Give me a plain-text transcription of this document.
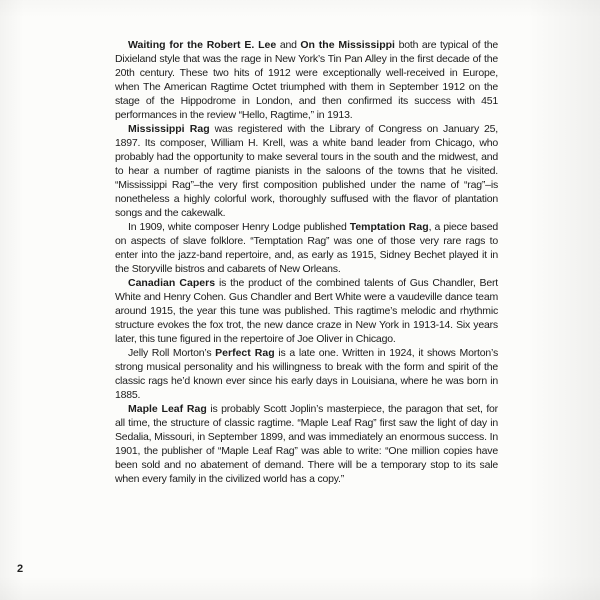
Waiting for the Robert E. Lee and On the Mississippi both are typical of the Dixieland style that was the rage in New York’s Tin Pan Alley in the first decade of the 20th century. These two hits of 1912 were exceptionally well-received in Europe, when The American Ragtime Octet triumphed with them in September 1912 on the stage of the Hippodrome in London, and then confirmed its success with 451 performances in the review “Hello, Ragtime,” in 1913.

Mississippi Rag was registered with the Library of Congress on January 25, 1897. Its composer, William H. Krell, was a white band leader from Chicago, who probably had the opportunity to make several tours in the south and the midwest, and to hear a number of ragtime pianists in the saloons of the towns that he visited. “Mississippi Rag”–the very first composition published under the name of “rag”–is nonetheless a highly colorful work, thoroughly suffused with the flavor of plantation songs and the cakewalk.

In 1909, white composer Henry Lodge published Temptation Rag, a piece based on aspects of slave folklore. “Temptation Rag” was one of those very rare rags to enter into the jazz-band repertoire, and, as early as 1915, Sidney Bechet played it in the Storyville bistros and cabarets of New Orleans.

Canadian Capers is the product of the combined talents of Gus Chandler, Bert White and Henry Cohen. Gus Chandler and Bert White were a vaudeville dance team around 1915, the year this tune was published. This ragtime’s melodic and rhythmic structure evokes the fox trot, the new dance craze in New York in 1913-14. Six years later, this tune figured in the repertoire of Joe Oliver in Chicago.

Jelly Roll Morton’s Perfect Rag is a late one. Written in 1924, it shows Morton’s strong musical personality and his willingness to break with the form and spirit of the classic rags he’d known ever since his early days in Louisiana, where he was born in 1885.

Maple Leaf Rag is probably Scott Joplin’s masterpiece, the paragon that set, for all time, the structure of classic ragtime. “Maple Leaf Rag” first saw the light of day in Sedalia, Missouri, in September 1899, and was immediately an enormous success. In 1901, the publisher of “Maple Leaf Rag” was able to write: “One million copies have been sold and no abatement of demand. There will be a temporary stop to its sale when every family in the civilized world has a copy.”

2
